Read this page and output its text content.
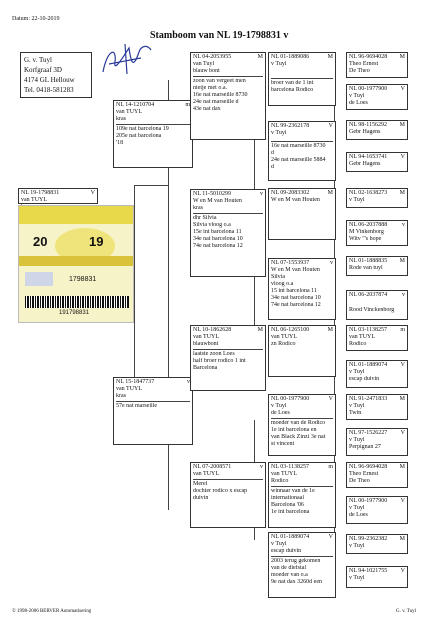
Datum: 22-10-2019
Stamboom van NL 19-1798831 v
G. v. Tuyl
Korfgraaf 3D
4174 GL Hellouw
Tel. 0418-581283
NL 19-1798831	V
van TUYL
20	19
1798831
191798831
NL 14-1210704	m
van TUYL
kras
109e nat barcelona 19
205e nat barcelona
'18
NL 15-1847737	v
van TUYL
kras
57e nat marseille
NL 04-2053955	M
van Tuyl
blauw bont
zoon van vergeet men
nietje met o.a.
16e nat marseille 8730
24e nat marseille d
43e nat dax
NL 11-5010299	v
W en M van Houten
kras
dhr Silvia
Silvia vloog o.a
15e int barcelona 11
34e nat barcelona 10
74e nat barcelona 12
NL 10-1862628	M
van TUYL
blauwbont
laatste zoon Loes
half broer rodico 1 int
Barcelona
NL 07-2008571	v
van TUYL
Merel
dochter rodico x escap
duivin
NL 01-1889086	M
v Tuyl
broer van de 1 int
barcelona Rodico
NL 99-2362178	V
v Tuyl
16e nat marseille 8730
d
24e nat marseille 5884
d
NL 09-2083302	M
W en M van Houten
NL 07-1553937	v
W en M van Houten
Silvia
vloog o.a
15 int barcelona 11
34e nat barcelona 10
74e nat barcelona 12
NL 06-1265100	M
van TUYL
zn Rodico
NL 00-1977900	V
v Tuyl
de Loes
moeder van de Rodico
1e int barcelona en
van Black Zinzi 3e nat
st vincent
NL 03-1138257	m
van TUYL
Rodico
winnaar van de 1e
internationaal
Barcelona '06
1e int barcelona
NL 01-1889074	V
v Tuyl
escap duivin
2003 terug gekomen
van de diefstal
moeder van o.a
9e nat dax 3260d een
NL 96-9694028 M
Theo Ernest
De Theo
NL 00-1977900 V
v Tuyl
de Loes
NL 98-1156292 M
Gebr Hagens
NL 94-1653741 V
Gebr Hagens
NL 02-1638273 M
v Tuyl
NL 06-2037888 v
M Vinkenborg
Witv "'s hope
NL 01-1888835 M
Rode van tuyl
NL 06-2037874 v
Rood Vinckenborg
NL 03-1138257 m
van TUYL
Rodico
NL 01-1889074 V
v Tuyl
escap duivin
NL 91-2471833 M
v Tuyl
Twin
NL 97-1526227 V
v Tuyl
Perpignan 27
NL 96-9694028 M
Theo Ernest
De Theo
NL 00-1977900 V
v Tuyl
de Loes
NL 99-2362382 M
v Tuyl
NL 94-1021755 V
v Tuyl
© 1998-2006 BERVER Automatisering	G. v. Tuyl
